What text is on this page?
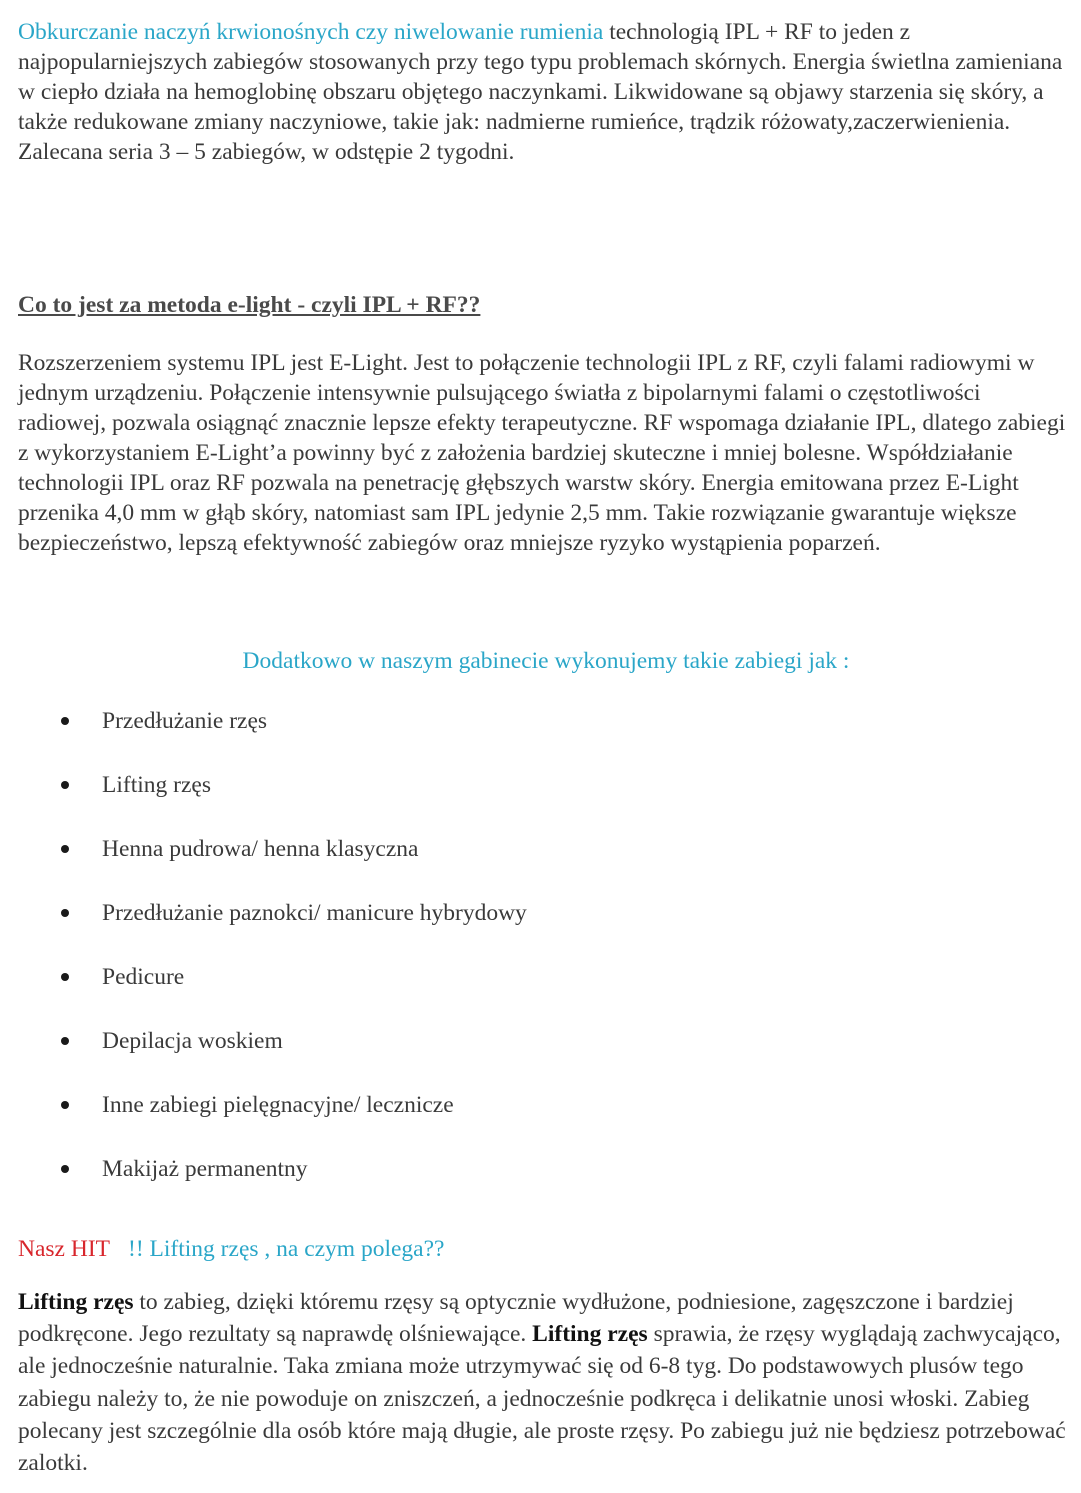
Obkurczanie naczyń krwionośnych czy niwelowanie rumienia technologią IPL + RF to jeden z najpopularniejszych zabiegów stosowanych przy tego typu problemach skórnych. Energia świetlna zamieniana w ciepło działa na hemoglobinę obszaru objętego naczynkami. Likwidowane są objawy starzenia się skóry, a także redukowane zmiany naczyniowe, takie jak: nadmierne rumieńce, trądzik różowaty,zaczerwienienia. Zalecana seria 3 – 5 zabiegów, w odstępie 2 tygodni.

Co to jest za metoda e-light - czyli IPL + RF??

Rozszerzeniem systemu IPL jest E-Light. Jest to połączenie technologii IPL z RF, czyli falami radiowymi w jednym urządzeniu. Połączenie intensywnie pulsującego światła z bipolarnymi falami o częstotliwości radiowej, pozwala osiągnąć znacznie lepsze efekty terapeutyczne. RF wspomaga działanie IPL, dlatego zabiegi z wykorzystaniem E-Light’a powinny być z założenia bardziej skuteczne i mniej bolesne. Współdziałanie technologii IPL oraz RF pozwala na penetrację głębszych warstw skóry. Energia emitowana przez E-Light przenika 4,0 mm w głąb skóry, natomiast sam IPL jedynie 2,5 mm. Takie rozwiązanie gwarantuje większe bezpieczeństwo, lepszą efektywność zabiegów oraz mniejsze ryzyko wystąpienia poparzeń.

Dodatkowo w naszym gabinecie wykonujemy takie zabiegi jak :
Przedłużanie rzęs
Lifting rzęs
Henna pudrowa/ henna klasyczna
Przedłużanie paznokci/ manicure hybrydowy
Pedicure
Depilacja woskiem
Inne zabiegi pielęgnacyjne/ lecznicze
Makijaż permanentny
Nasz HIT !! Lifting rzęs , na czym polega??

Lifting rzęs to zabieg, dzięki któremu rzęsy są optycznie wydłużone, podniesione, zagęszczone i bardziej podkręcone. Jego rezultaty są naprawdę olśniewające. Lifting rzęs sprawia, że rzęsy wyglądają zachwycająco, ale jednocześnie naturalnie. Taka zmiana może utrzymywać się od 6-8 tyg. Do podstawowych plusów tego zabiegu należy to, że nie powoduje on zniszczeń, a jednocześnie podkręca i delikatnie unosi włoski. Zabieg polecany jest szczególnie dla osób które mają długie, ale proste rzęsy. Po zabiegu już nie będziesz potrzebować zalotki.
